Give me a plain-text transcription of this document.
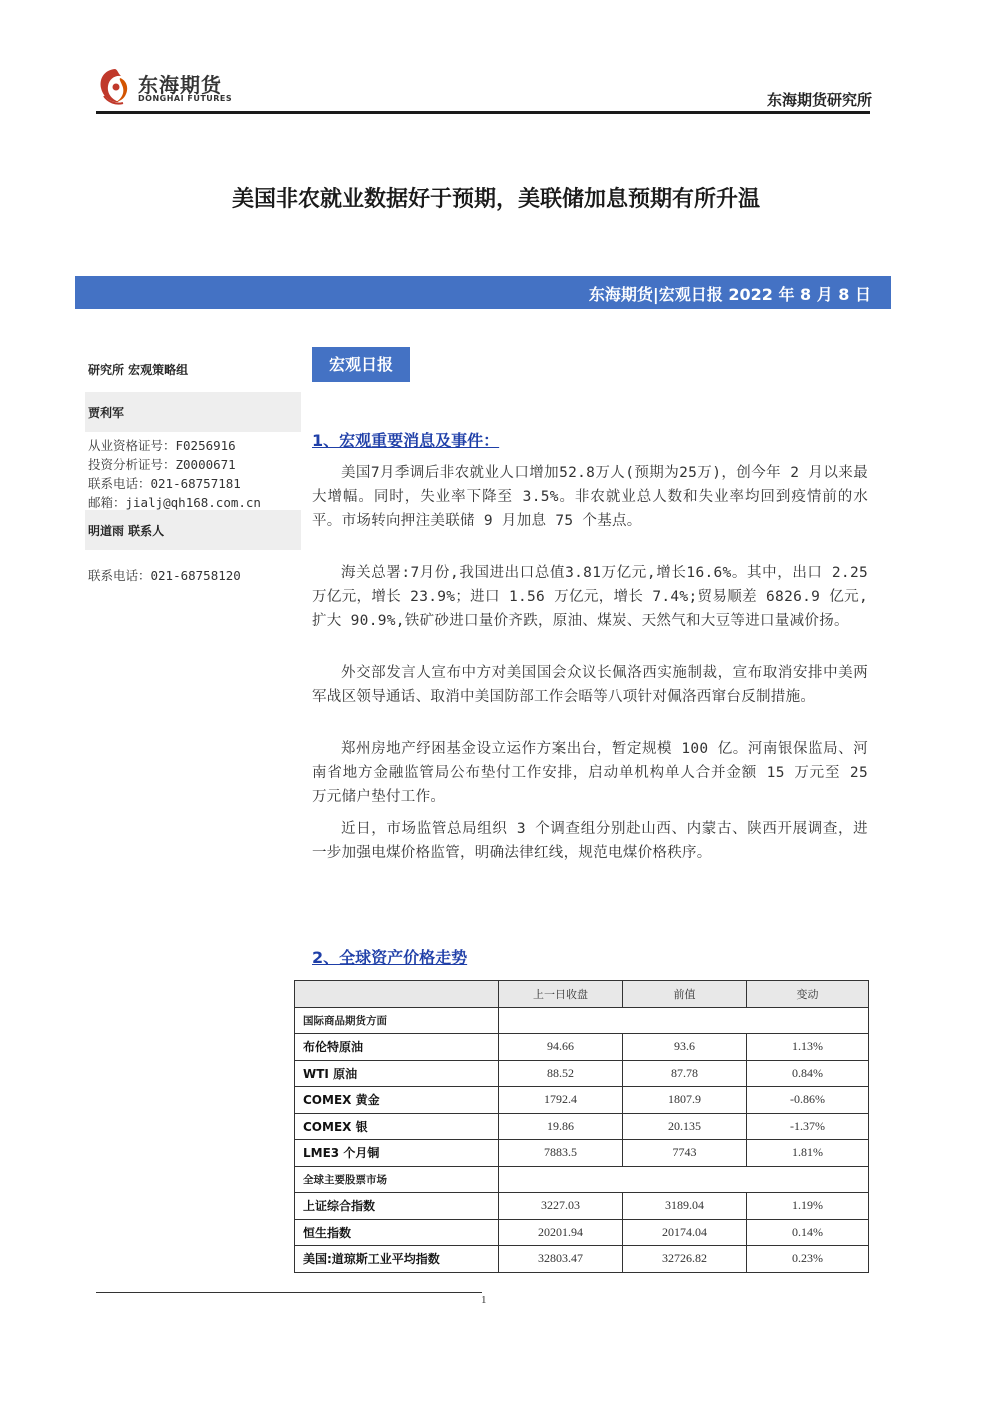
东海期货
DONGHAI FUTURES	东海期货研究所
美国非农就业数据好于预期，美联储加息预期有所升温
东海期货|宏观日报 2022 年 8 月 8 日
研究所 宏观策略组
贾利军
从业资格证号：F0256916
投资分析证号：Z0000671
联系电话：021-68757181
邮箱：jialj@qh168.com.cn
明道雨 联系人
联系电话：021-68758120
宏观日报
1、宏观重要消息及事件：
美国7月季调后非农就业人口增加52.8万人(预期为25万)，创今年 2 月以来最大增幅。同时，失业率下降至 3.5%。非农就业总人数和失业率均回到疫情前的水平。市场转向押注美联储 9 月加息 75 个基点。
海关总署:7月份,我国进出口总值3.81万亿元,增长16.6%。其中，出口 2.25 万亿元，增长 23.9%；进口 1.56 万亿元，增长 7.4%;贸易顺差 6826.9 亿元,扩大 90.9%,铁矿砂进口量价齐跌，原油、煤炭、天然气和大豆等进口量减价扬。
外交部发言人宣布中方对美国国会众议长佩洛西实施制裁，宣布取消安排中美两军战区领导通话、取消中美国防部工作会晤等八项针对佩洛西窜台反制措施。
郑州房地产纾困基金设立运作方案出台，暂定规模 100 亿。河南银保监局、河南省地方金融监管局公布垫付工作安排，启动单机构单人合并金额 15 万元至 25 万元储户垫付工作。
近日，市场监管总局组织 3 个调查组分别赴山西、内蒙古、陕西开展调查，进一步加强电煤价格监管，明确法律红线，规范电煤价格秩序。
2、全球资产价格走势
	上一日收盘	前值	变动
国际商品期货方面			
布伦特原油	94.66	93.6	1.13%
WTI 原油	88.52	87.78	0.84%
COMEX 黄金	1792.4	1807.9	-0.86%
COMEX 银	19.86	20.135	-1.37%
LME3 个月铜	7883.5	7743	1.81%
全球主要股票市场			
上证综合指数	3227.03	3189.04	1.19%
恒生指数	20201.94	20174.04	0.14%
美国:道琼斯工业平均指数	32803.47	32726.82	0.23%
1
